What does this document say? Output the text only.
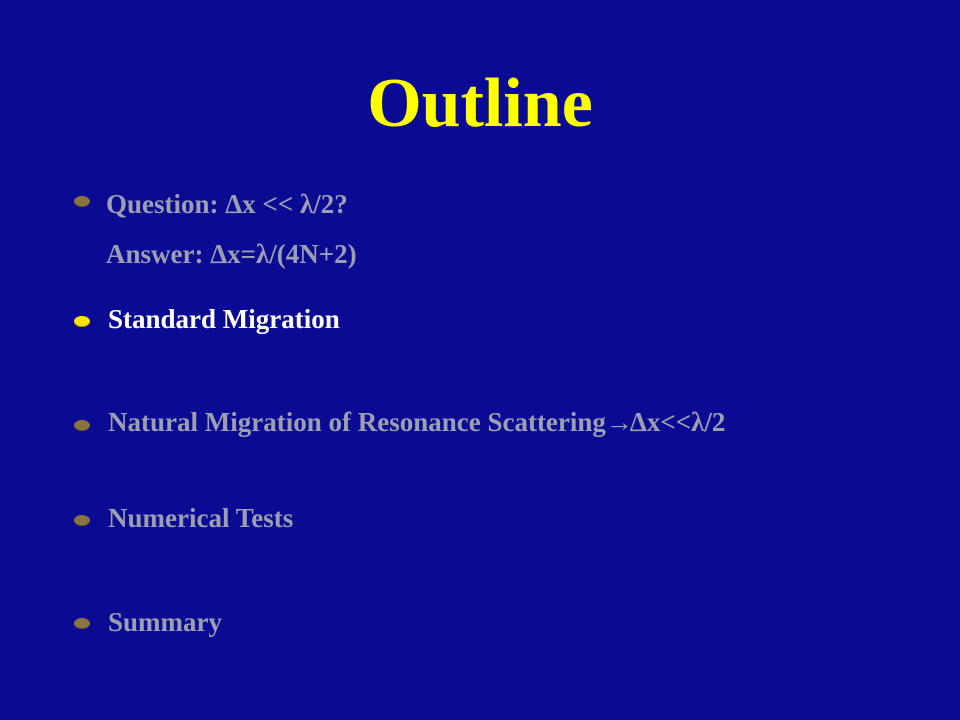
Outline
Question: Δx << λ/2?
Answer: Δx=λ/(4N+2)
Standard Migration
Natural Migration of Resonance Scattering→Δx<<λ/2
Numerical Tests
Summary
